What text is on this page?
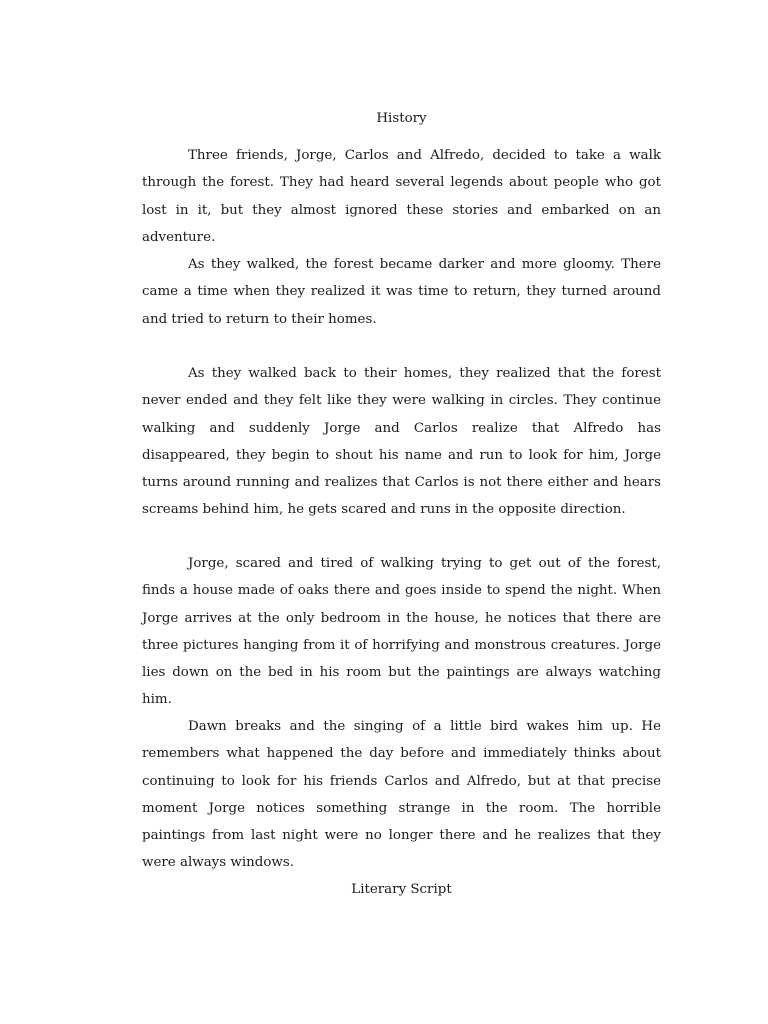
History

Three friends, Jorge, Carlos and Alfredo, decided to take a walk through the forest. They had heard several legends about people who got lost in it, but they almost ignored these stories and embarked on an adventure.

As they walked, the forest became darker and more gloomy. There came a time when they realized it was time to return, they turned around and tried to return to their homes.

As they walked back to their homes, they realized that the forest never ended and they felt like they were walking in circles. They continue walking and suddenly Jorge and Carlos realize that Alfredo has disappeared, they begin to shout his name and run to look for him, Jorge turns around running and realizes that Carlos is not there either and hears screams behind him, he gets scared and runs in the opposite direction.

Jorge, scared and tired of walking trying to get out of the forest, finds a house made of oaks there and goes inside to spend the night. When Jorge arrives at the only bedroom in the house, he notices that there are three pictures hanging from it of horrifying and monstrous creatures. Jorge lies down on the bed in his room but the paintings are always watching him.

Dawn breaks and the singing of a little bird wakes him up. He remembers what happened the day before and immediately thinks about continuing to look for his friends Carlos and Alfredo, but at that precise moment Jorge notices something strange in the room. The horrible paintings from last night were no longer there and he realizes that they were always windows.

Literary Script
